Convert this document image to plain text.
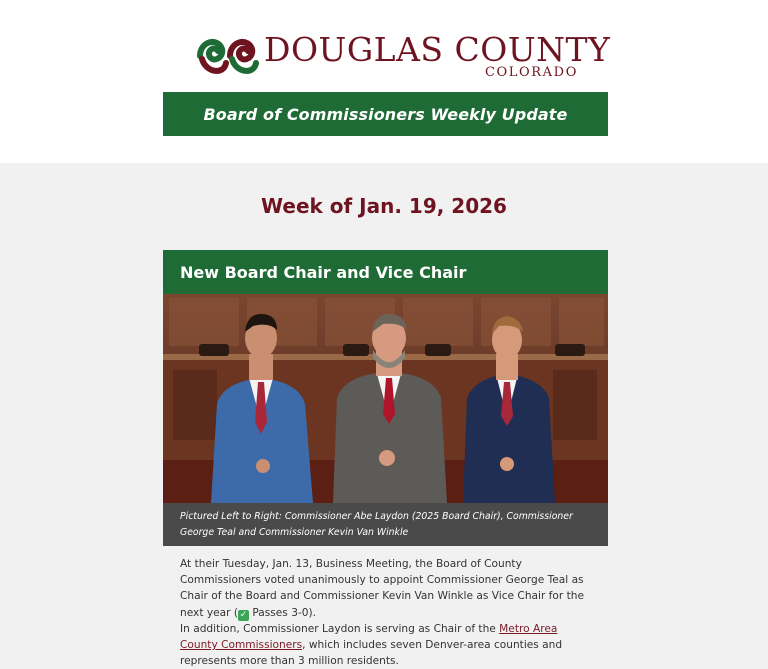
DOUGLAS COUNTY
COLORADO
Board of Commissioners Weekly Update
Week of Jan. 19, 2026
New Board Chair and Vice Chair
Pictured Left to Right: Commissioner Abe Laydon (2025 Board Chair), Commissioner George Teal and Commissioner Kevin Van Winkle

At their Tuesday, Jan. 13, Business Meeting, the Board of County Commissioners voted unanimously to appoint Commissioner George Teal as Chair of the Board and Commissioner Kevin Van Winkle as Vice Chair for the next year ( ✓ Passes 3-0).

In addition, Commissioner Laydon is serving as Chair of the Metro Area County Commissioners, which includes seven Denver-area counties and represents more than 3 million residents.
